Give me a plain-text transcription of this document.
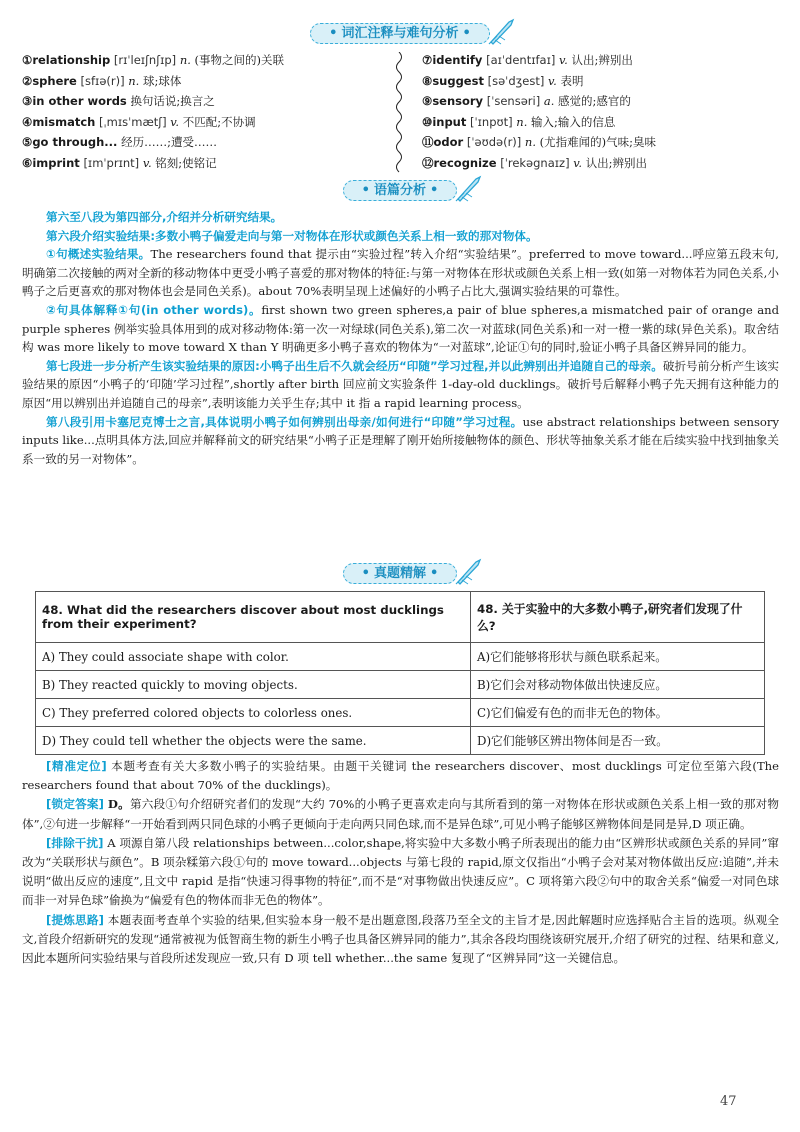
• 词汇注释与难句分析 •
①relationship [rɪˈleɪʃnʃɪp] n. (事物之间的)关联
②sphere [sfɪə(r)] n. 球;球体
③in other words 换句话说;换言之
④mismatch [ˌmɪsˈmætʃ] v. 不匹配;不协调
⑤go through... 经历……;遭受……
⑥imprint [ɪmˈprɪnt] v. 铭刻;使铭记
⑦identify [aɪˈdentɪfaɪ] v. 认出;辨别出
⑧suggest [səˈdʒest] v. 表明
⑨sensory [ˈsensəri] a. 感觉的;感官的
⑩input [ˈɪnpʊt] n. 输入;输入的信息
⑪odor [ˈəʊdə(r)] n. (尤指难闻的)气味;臭味
⑫recognize [ˈrekəgnaɪz] v. 认出;辨别出
• 语篇分析 •

第六至八段为第四部分,介绍并分析研究结果。

第六段介绍实验结果:多数小鸭子偏爱走向与第一对物体在形状或颜色关系上相一致的那对物体。

①句概述实验结果。The researchers found that 提示由“实验过程”转入介绍“实验结果”。preferred to move toward...呼应第五段末句,明确第二次接触的两对全新的移动物体中更受小鸭子喜爱的那对物体的特征:与第一对物体在形状或颜色关系上相一致(如第一对物体若为同色关系,小鸭子之后更喜欢的那对物体也会是同色关系)。about 70%表明呈现上述偏好的小鸭子占比大,强调实验结果的可靠性。

②句具体解释①句(in other words)。first shown two green spheres,a pair of blue spheres,a mismatched pair of orange and purple spheres 例举实验具体用到的成对移动物体:第一次一对绿球(同色关系),第二次一对蓝球(同色关系)和一对一橙一紫的球(异色关系)。取舍结构 was more likely to move toward X than Y 明确更多小鸭子喜欢的物体为“一对蓝球”,论证①句的同时,验证小鸭子具备区辨异同的能力。

第七段进一步分析产生该实验结果的原因:小鸭子出生后不久就会经历“印随”学习过程,并以此辨别出并追随自己的母亲。破折号前分析产生该实验结果的原因“小鸭子的‘印随’学习过程”,shortly after birth 回应前文实验条件 1-day-old ducklings。破折号后解释小鸭子先天拥有这种能力的原因“用以辨别出并追随自己的母亲”,表明该能力关乎生存;其中 it 指 a rapid learning process。

第八段引用卡塞尼克博士之言,具体说明小鸭子如何辨别出母亲/如何进行“印随”学习过程。use abstract relationships between sensory inputs like...点明具体方法,回应并解释前文的研究结果“小鸭子正是理解了刚开始所接触物体的颜色、形状等抽象关系才能在后续实验中找到抽象关系一致的另一对物体”。

• 真题精解 •
48. What did the researchers discover about most ducklings from their experiment?	48. 关于实验中的大多数小鸭子,研究者们发现了什么?
A) They could associate shape with color.	A)它们能够将形状与颜色联系起来。
B) They reacted quickly to moving objects.	B)它们会对移动物体做出快速反应。
C) They preferred colored objects to colorless ones.	C)它们偏爱有色的而非无色的物体。
D) They could tell whether the objects were the same.	D)它们能够区辨出物体间是否一致。

[精准定位] 本题考查有关大多数小鸭子的实验结果。由题干关键词 the researchers discover、most ducklings 可定位至第六段(The researchers found that about 70% of the ducklings)。

[锁定答案] D。第六段①句介绍研究者们的发现“大约 70%的小鸭子更喜欢走向与其所看到的第一对物体在形状或颜色关系上相一致的那对物体”,②句进一步解释“一开始看到两只同色球的小鸭子更倾向于走向两只同色球,而不是异色球”,可见小鸭子能够区辨物体间是同是异,D 项正确。

[排除干扰] A 项源自第八段 relationships between...color,shape,将实验中大多数小鸭子所表现出的能力由“区辨形状或颜色关系的异同”窜改为“关联形状与颜色”。B 项杂糅第六段①句的 move toward...objects 与第七段的 rapid,原文仅指出“小鸭子会对某对物体做出反应:追随”,并未说明“做出反应的速度”,且文中 rapid 是指“快速习得事物的特征”,而不是“对事物做出快速反应”。C 项将第六段②句中的取舍关系“偏爱一对同色球而非一对异色球”偷换为“偏爱有色的物体而非无色的物体”。

[提炼思路] 本题表面考查单个实验的结果,但实验本身一般不是出题意图,段落乃至全文的主旨才是,因此解题时应选择贴合主旨的选项。纵观全文,首段介绍新研究的发现“通常被视为低智商生物的新生小鸭子也具备区辨异同的能力”,其余各段均围绕该研究展开,介绍了研究的过程、结果和意义,因此本题所问实验结果与首段所述发现应一致,只有 D 项 tell whether...the same 复现了“区辨异同”这一关键信息。

47
